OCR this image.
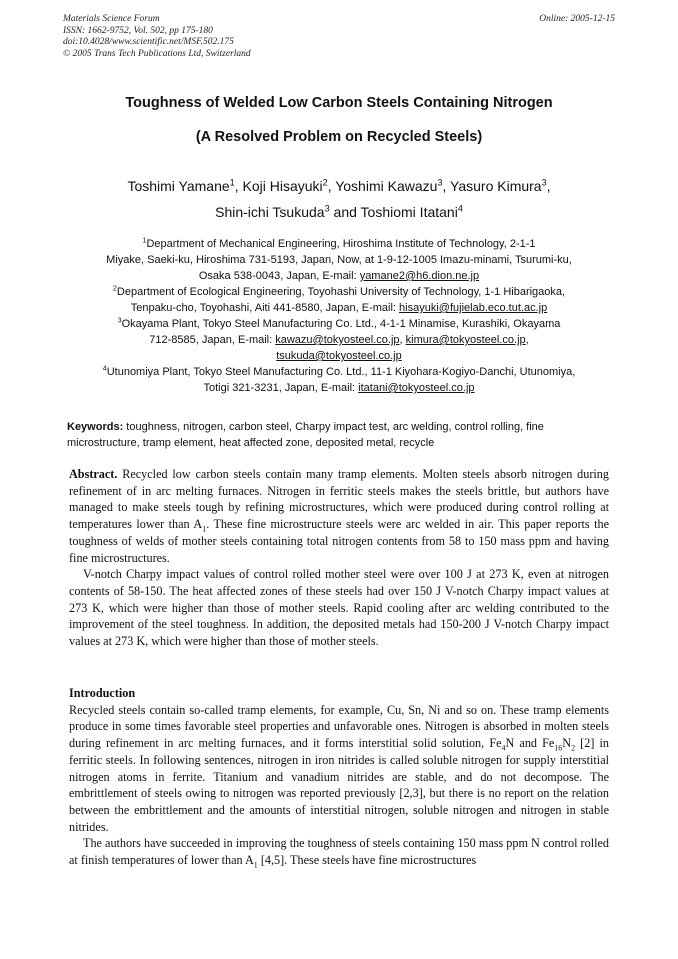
Materials Science Forum
ISSN: 1662-9752, Vol. 502, pp 175-180
doi:10.4028/www.scientific.net/MSF.502.175
© 2005 Trans Tech Publications Ltd, Switzerland
Online: 2005-12-15
Toughness of Welded Low Carbon Steels Containing Nitrogen
(A Resolved Problem on Recycled Steels)
Toshimi Yamane$^1$, Koji Hisayuki$^2$, Yoshimi Kawazu$^3$, Yasuro Kimura$^3$,
Shin-ichi Tsukuda$^3$ and Toshiomi Itatani$^4$

$^1$Department of Mechanical Engineering, Hiroshima Institute of Technology, 2-1-1

Miyake, Saeki-ku, Hiroshima 731-5193, Japan, Now, at 1-9-12-1005 Imazu-minami, Tsurumi-ku,

Osaka 538-0043, Japan, E-mail: yamane2@h6.dion.ne.jp

$^2$Department of Ecological Engineering, Toyohashi University of Technology, 1-1 Hibarigaoka,

Tenpaku-cho, Toyohashi, Aiti 441-8580, Japan, E-mail: hisayuki@fujielab.eco.tut.ac.jp

$^3$Okayama Plant, Tokyo Steel Manufacturing Co. Ltd., 4-1-1 Minamise, Kurashiki, Okayama

712-8585, Japan, E-mail: kawazu@tokyosteel.co.jp, kimura@tokyosteel.co.jp,

tsukuda@tokyosteel.co.jp

$^4$Utunomiya Plant, Tokyo Steel Manufacturing Co. Ltd., 11-1 Kiyohara-Kogiyo-Danchi, Utunomiya,

Totigi 321-3231, Japan, E-mail: itatani@tokyosteel.co.jp

Keywords: toughness, nitrogen, carbon steel, Charpy impact test, arc welding, control rolling, fine microstructure, tramp element, heat affected zone, deposited metal, recycle

Abstract. Recycled low carbon steels contain many tramp elements. Molten steels absorb nitrogen during refinement of in arc melting furnaces. Nitrogen in ferritic steels makes the steels brittle, but authors have managed to make steels tough by refining microstructures, which were produced during control rolling at temperatures lower than $A_1$. These fine microstructure steels were arc welded in air. This paper reports the toughness of welds of mother steels containing total nitrogen contents from 58 to 150 mass ppm and having fine microstructures.

V-notch Charpy impact values of control rolled mother steel were over 100 J at 273 K, even at nitrogen contents of 58-150. The heat affected zones of these steels had over 150 J V-notch Charpy impact values at 273 K, which were higher than those of mother steels. Rapid cooling after arc welding contributed to the improvement of the steel toughness. In addition, the deposited metals had 150-200 J V-notch Charpy impact values at 273 K, which were higher than those of mother steels.

Introduction

Recycled steels contain so-called tramp elements, for example, Cu, Sn, Ni and so on. These tramp elements produce in some times favorable steel properties and unfavorable ones. Nitrogen is absorbed in molten steels during refinement in arc melting furnaces, and it forms interstitial solid solution, $Fe_4N$ and $Fe_{16}N_2$ [2] in ferritic steels. In following sentences, nitrogen in iron nitrides is called soluble nitrogen for supply interstitial nitrogen atoms in ferrite. Titanium and vanadium nitrides are stable, and do not decompose. The embrittlement of steels owing to nitrogen was reported previously [2,3], but there is no report on the relation between the embrittlement and the amounts of interstitial nitrogen, soluble nitrogen and nitrogen in stable nitrides.

The authors have succeeded in improving the toughness of steels containing 150 mass ppm N control rolled at finish temperatures of lower than $A_1$ [4,5]. These steels have fine microstructures
